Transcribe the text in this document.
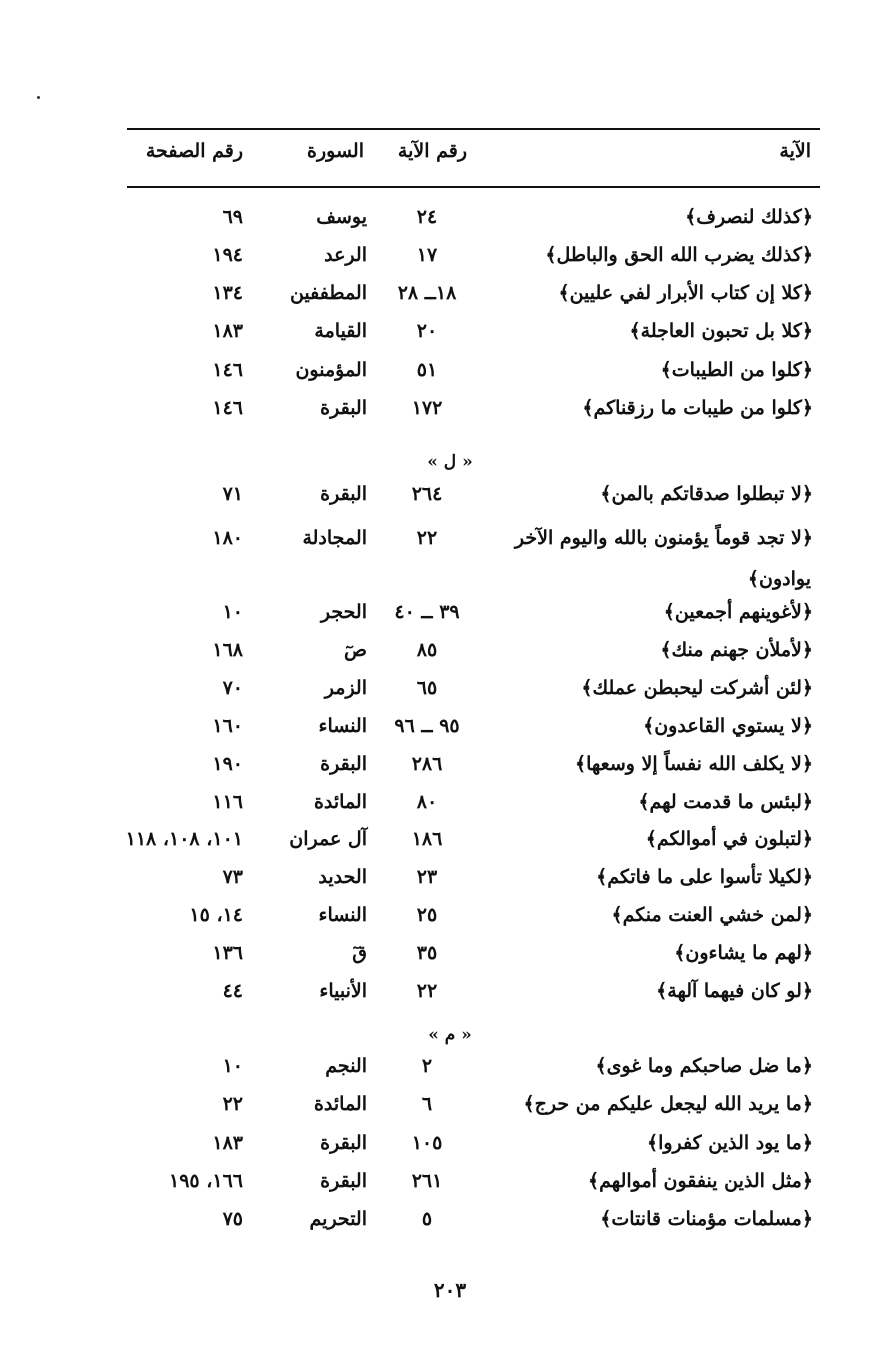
الآية
رقم الآية
السورة
رقم الصفحة
﴿كذلك لنصرف﴾
٢٤
يوسف
٦٩
﴿كذلك يضرب الله الحق والباطل﴾
١٧
الرعد
١٩٤
﴿كلا إن كتاب الأبرار لفي عليين﴾
١٨ــ ٢٨
المطففين
١٣٤
﴿كلا بل تحبون العاجلة﴾
٢٠
القيامة
١٨٣
﴿كلوا من الطيبات﴾
٥١
المؤمنون
١٤٦
﴿كلوا من طيبات ما رزقناكم﴾
١٧٢
البقرة
١٤٦
﴿لا تبطلوا صدقاتكم بالمن﴾
٢٦٤
البقرة
٧١
﴿لا تجد قوماً يؤمنون بالله واليوم الآخر
٢٢
المجادلة
١٨٠
﴿لأغوينهم أجمعين﴾
٣٩ ــ ٤٠
الحجر
١٠
﴿لأملأن جهنم منك﴾
٨٥
صٓ
١٦٨
﴿لئن أشركت ليحبطن عملك﴾
٦٥
الزمر
٧٠
﴿لا يستوي القاعدون﴾
٩٥ ــ ٩٦
النساء
١٦٠
﴿لا يكلف الله نفساً إلا وسعها﴾
٢٨٦
البقرة
١٩٠
﴿لبئس ما قدمت لهم﴾
٨٠
المائدة
١١٦
﴿لتبلون في أموالكم﴾
١٨٦
آل عمران
١٠١، ١٠٨، ١١٨
﴿لكيلا تأسوا على ما فاتكم﴾
٢٣
الحديد
٧٣
﴿لمن خشي العنت منكم﴾
٢٥
النساء
١٤، ١٥
﴿لهم ما يشاءون﴾
٣٥
قٓ
١٣٦
﴿لو كان فيهما آلهة﴾
٢٢
الأنبياء
٤٤
﴿ما ضل صاحبكم وما غوى﴾
٢
النجم
١٠
﴿ما يريد الله ليجعل عليكم من حرج﴾
٦
المائدة
٢٢
﴿ما يود الذين كفروا﴾
١٠٥
البقرة
١٨٣
﴿مثل الذين ينفقون أموالهم﴾
٢٦١
البقرة
١٦٦، ١٩٥
﴿مسلمات مؤمنات قانتات﴾
٥
التحريم
٧٥
« ل »
يوادون﴾
« م »
٢٠٣
